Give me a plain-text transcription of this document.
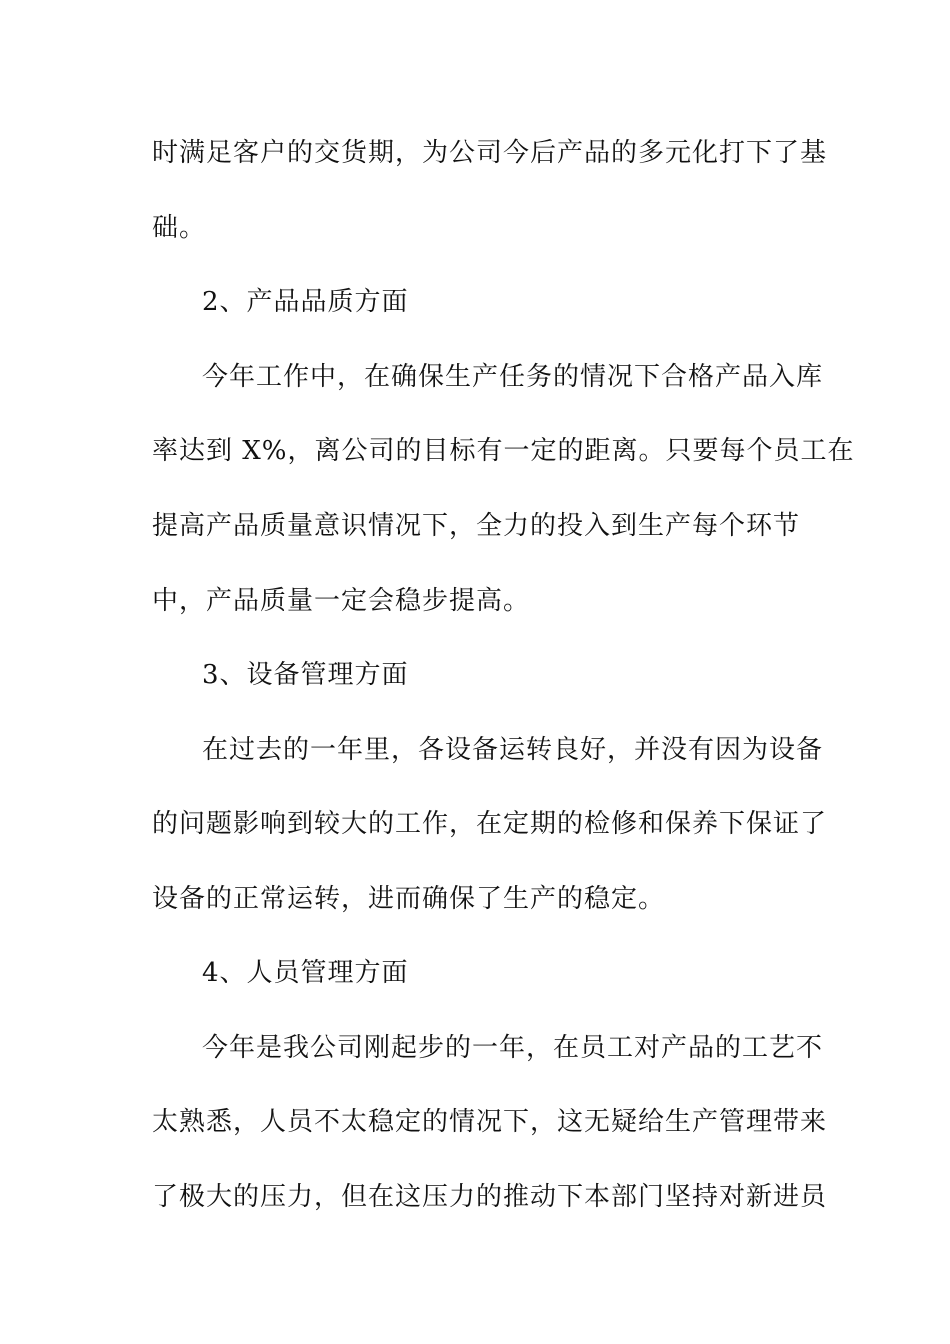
时满足客户的交货期，为公司今后产品的多元化打下了基

础。

2、产品品质方面

今年工作中，在确保生产任务的情况下合格产品入库

率达到 X%，离公司的目标有一定的距离。只要每个员工在

提高产品质量意识情况下，全力的投入到生产每个环节

中，产品质量一定会稳步提高。

3、设备管理方面

在过去的一年里，各设备运转良好，并没有因为设备

的问题影响到较大的工作，在定期的检修和保养下保证了

设备的正常运转，进而确保了生产的稳定。

4、人员管理方面

今年是我公司刚起步的一年，在员工对产品的工艺不

太熟悉，人员不太稳定的情况下，这无疑给生产管理带来

了极大的压力，但在这压力的推动下本部门坚持对新进员
